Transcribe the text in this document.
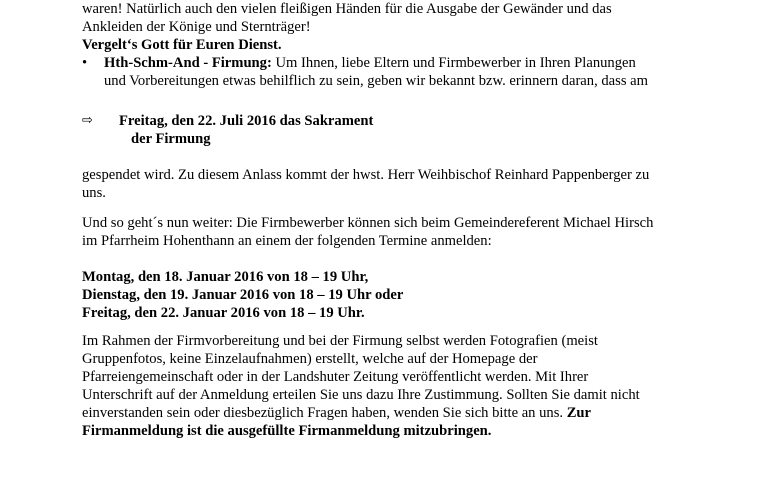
waren! Natürlich auch den vielen fleißigen Händen für die Ausgabe der Gewänder und das
Ankleiden der Könige und Sternträger!
Vergelt‘s Gott für Euren Dienst.
•	Hth-Schm-And - Firmung: Um Ihnen, liebe Eltern und Firmbewerber in Ihren Planungen
und Vorbereitungen etwas behilflich zu sein, geben wir bekannt bzw. erinnern daran, dass am
⇨ Freitag, den 22. Juli 2016 das Sakrament
der Firmung
gespendet wird. Zu diesem Anlass kommt der hwst. Herr Weihbischof Reinhard Pappenberger zu
uns.
Und so geht´s nun weiter: Die Firmbewerber können sich beim Gemeindereferent Michael Hirsch
im Pfarrheim Hohenthann an einem der folgenden Termine anmelden:
Montag, den 18. Januar 2016 von 18 – 19 Uhr,
Dienstag, den 19. Januar 2016 von 18 – 19 Uhr oder
Freitag, den 22. Januar 2016 von 18 – 19 Uhr.
Im Rahmen der Firmvorbereitung und bei der Firmung selbst werden Fotografien (meist
Gruppenfotos, keine Einzelaufnahmen) erstellt, welche auf der Homepage der
Pfarreiengemeinschaft oder in der Landshuter Zeitung veröffentlicht werden. Mit Ihrer
Unterschrift auf der Anmeldung erteilen Sie uns dazu Ihre Zustimmung. Sollten Sie damit nicht
einverstanden sein oder diesbezüglich Fragen haben, wenden Sie sich bitte an uns. Zur
Firmanmeldung ist die ausgefüllte Firmanmeldung mitzubringen.
